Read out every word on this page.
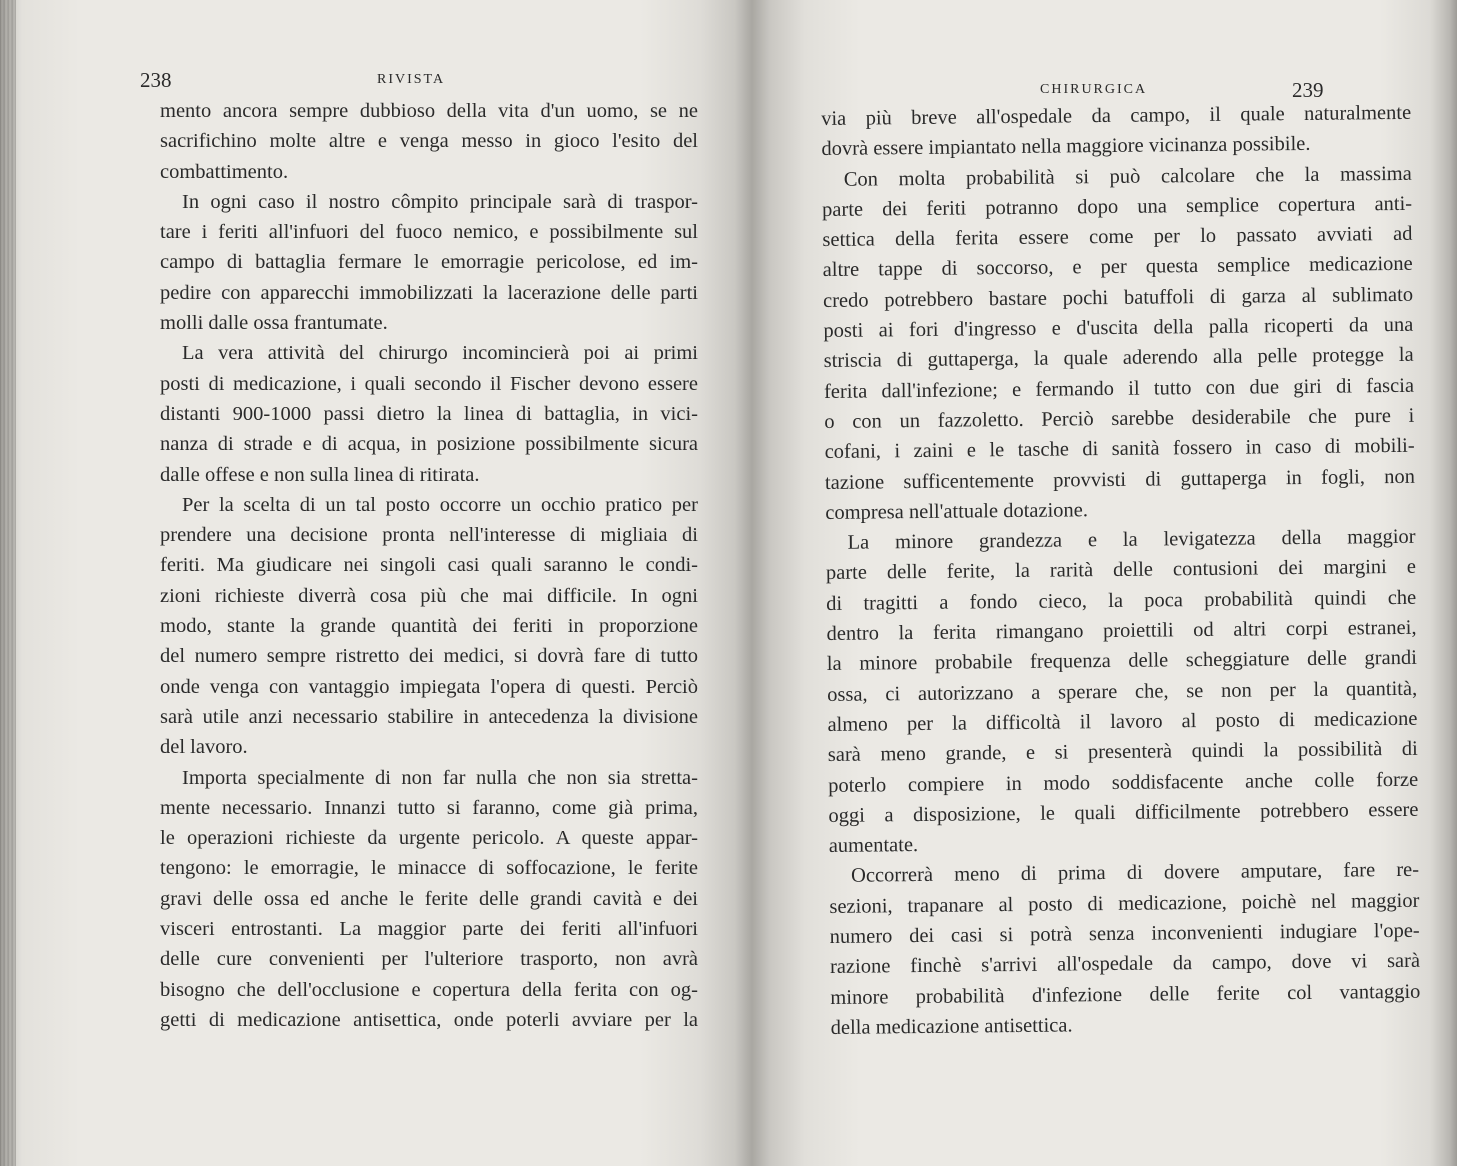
238	RIVISTA
mento ancora sempre dubbioso della vita d'un uomo, se ne
sacrifichino molte altre e venga messo in gioco l'esito del
combattimento.
In ogni caso il nostro cômpito principale sarà di traspor-
tare i feriti all'infuori del fuoco nemico, e possibilmente sul
campo di battaglia fermare le emorragie pericolose, ed im-
pedire con apparecchi immobilizzati la lacerazione delle parti
molli dalle ossa frantumate.
La vera attività del chirurgo incomincierà poi ai primi
posti di medicazione, i quali secondo il Fischer devono essere
distanti 900-1000 passi dietro la linea di battaglia, in vici-
nanza di strade e di acqua, in posizione possibilmente sicura
dalle offese e non sulla linea di ritirata.
Per la scelta di un tal posto occorre un occhio pratico per
prendere una decisione pronta nell'interesse di migliaia di
feriti. Ma giudicare nei singoli casi quali saranno le condi-
zioni richieste diverrà cosa più che mai difficile. In ogni
modo, stante la grande quantità dei feriti in proporzione
del numero sempre ristretto dei medici, si dovrà fare di tutto
onde venga con vantaggio impiegata l'opera di questi. Perciò
sarà utile anzi necessario stabilire in antecedenza la divisione
del lavoro.
Importa specialmente di non far nulla che non sia stretta-
mente necessario. Innanzi tutto si faranno, come già prima,
le operazioni richieste da urgente pericolo. A queste appar-
tengono: le emorragie, le minacce di soffocazione, le ferite
gravi delle ossa ed anche le ferite delle grandi cavità e dei
visceri entrostanti. La maggior parte dei feriti all'infuori
delle cure convenienti per l'ulteriore trasporto, non avrà
bisogno che dell'occlusione e copertura della ferita con og-
getti di medicazione antisettica, onde poterli avviare per la
CHIRURGICA	239
via più breve all'ospedale da campo, il quale naturalmente
dovrà essere impiantato nella maggiore vicinanza possibile.
Con molta probabilità si può calcolare che la massima
parte dei feriti potranno dopo una semplice copertura anti-
settica della ferita essere come per lo passato avviati ad
altre tappe di soccorso, e per questa semplice medicazione
credo potrebbero bastare pochi batuffoli di garza al sublimato
posti ai fori d'ingresso e d'uscita della palla ricoperti da una
striscia di guttaperga, la quale aderendo alla pelle protegge la
ferita dall'infezione; e fermando il tutto con due giri di fascia
o con un fazzoletto. Perciò sarebbe desiderabile che pure i
cofani, i zaini e le tasche di sanità fossero in caso di mobili-
tazione sufficentemente provvisti di guttaperga in fogli, non
compresa nell'attuale dotazione.
La minore grandezza e la levigatezza della maggior
parte delle ferite, la rarità delle contusioni dei margini e
di tragitti a fondo cieco, la poca probabilità quindi che
dentro la ferita rimangano proiettili od altri corpi estranei,
la minore probabile frequenza delle scheggiature delle grandi
ossa, ci autorizzano a sperare che, se non per la quantità,
almeno per la difficoltà il lavoro al posto di medicazione
sarà meno grande, e si presenterà quindi la possibilità di
poterlo compiere in modo soddisfacente anche colle forze
oggi a disposizione, le quali difficilmente potrebbero essere
aumentate.
Occorrerà meno di prima di dovere amputare, fare re-
sezioni, trapanare al posto di medicazione, poichè nel maggior
numero dei casi si potrà senza inconvenienti indugiare l'ope-
razione finchè s'arrivi all'ospedale da campo, dove vi sarà
minore probabilità d'infezione delle ferite col vantaggio
della medicazione antisettica.
